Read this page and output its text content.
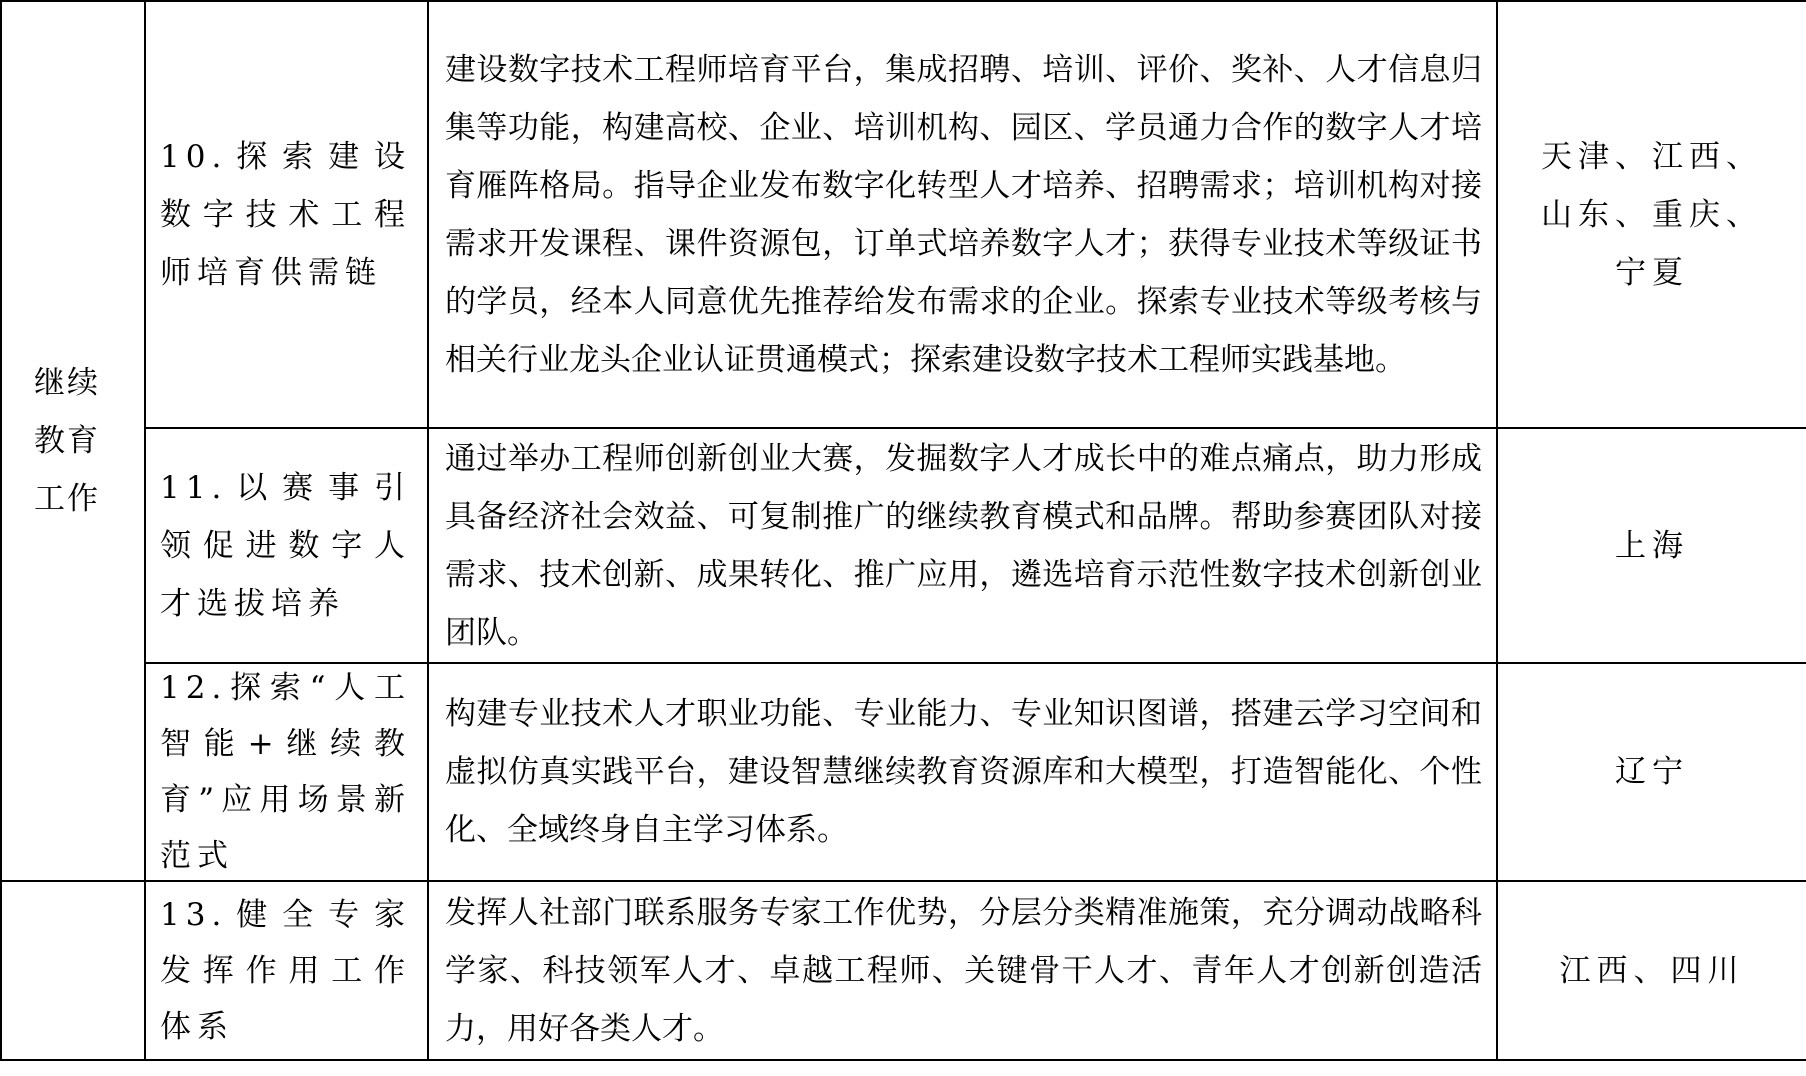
继续教育工作
10.探索建设数字技术工程师培育供需链
建设数字技术工程师培育平台，集成招聘、培训、评价、奖补、人才信息归集等功能，构建高校、企业、培训机构、园区、学员通力合作的数字人才培育雁阵格局。指导企业发布数字化转型人才培养、招聘需求；培训机构对接需求开发课程、课件资源包，订单式培养数字人才；获得专业技术等级证书的学员，经本人同意优先推荐给发布需求的企业。探索专业技术等级考核与相关行业龙头企业认证贯通模式；探索建设数字技术工程师实践基地。
天津、江西、山东、重庆、宁夏
11.以赛事引领促进数字人才选拔培养
通过举办工程师创新创业大赛，发掘数字人才成长中的难点痛点，助力形成具备经济社会效益、可复制推广的继续教育模式和品牌。帮助参赛团队对接需求、技术创新、成果转化、推广应用，遴选培育示范性数字技术创新创业团队。
上海
12.探索“人工智能+继续教育”应用场景新范式
构建专业技术人才职业功能、专业能力、专业知识图谱，搭建云学习空间和虚拟仿真实践平台，建设智慧继续教育资源库和大模型，打造智能化、个性化、全域终身自主学习体系。
辽宁
13.健全专家发挥作用工作体系
发挥人社部门联系服务专家工作优势，分层分类精准施策，充分调动战略科学家、科技领军人才、卓越工程师、关键骨干人才、青年人才创新创造活力，用好各类人才。
江西、四川
